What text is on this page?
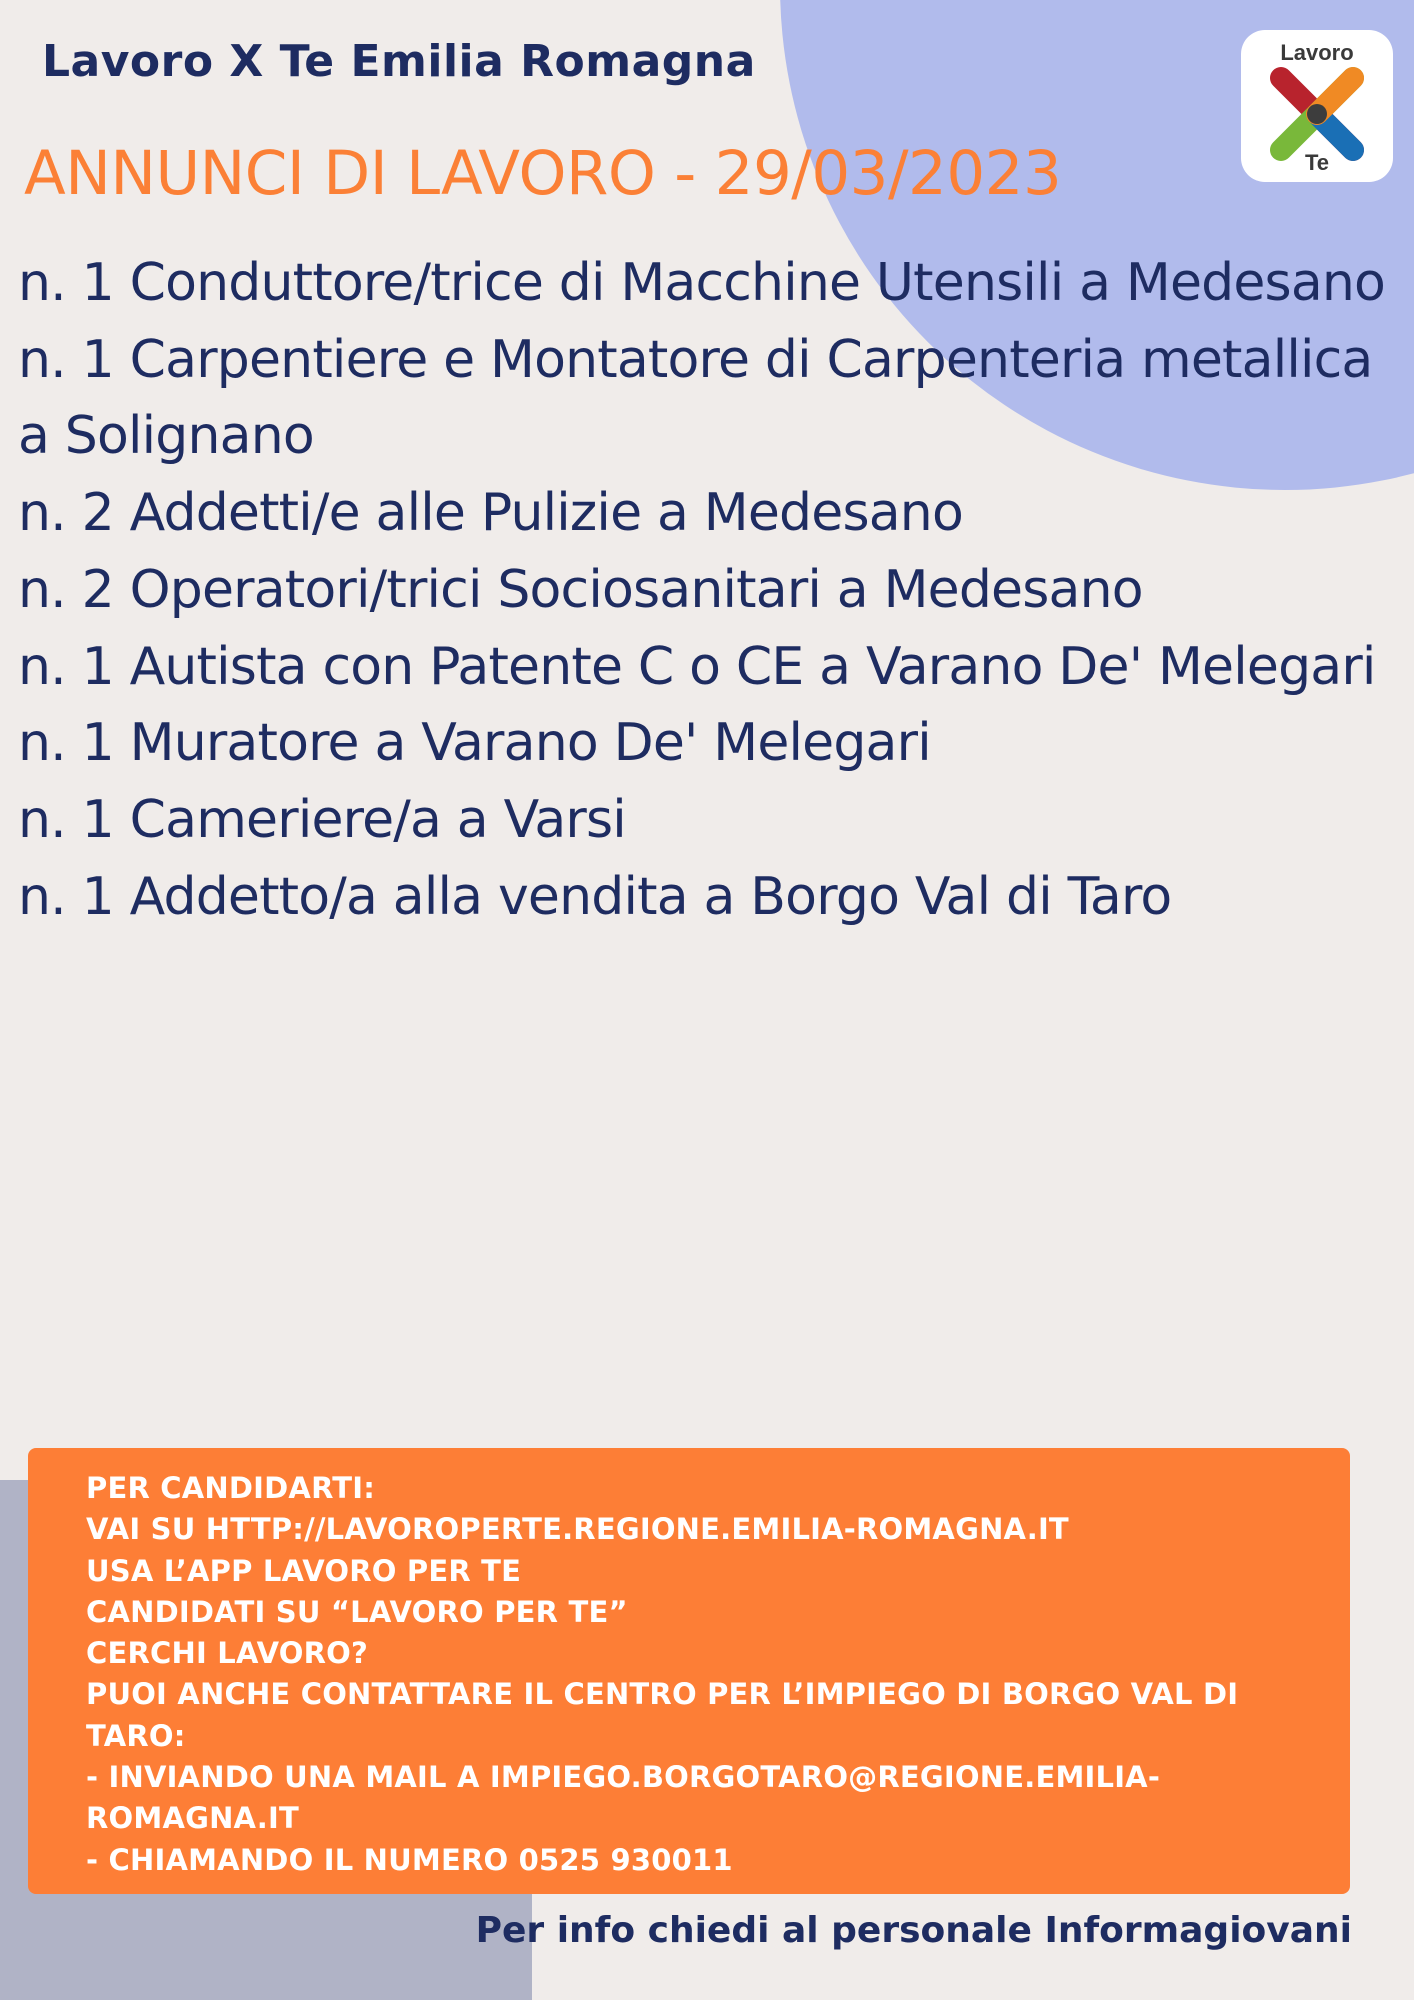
Lavoro X Te Emilia Romagna	Lavoro
Te
ANNUNCI DI LAVORO - 29/03/2023
n. 1 Conduttore/trice di Macchine Utensili a Medesano
n. 1 Carpentiere e Montatore di Carpenteria metallica a Solignano
n. 2 Addetti/e alle Pulizie a Medesano
n. 2 Operatori/trici Sociosanitari a Medesano
n. 1 Autista con Patente C o CE a Varano De' Melegari
n. 1 Muratore a Varano De' Melegari
n. 1 Cameriere/a a Varsi
n. 1 Addetto/a alla vendita a Borgo Val di Taro

PER CANDIDARTI:

VAI SU HTTP://LAVOROPERTE.REGIONE.EMILIA-ROMAGNA.IT

USA L’APP LAVORO PER TE

CANDIDATI SU “LAVORO PER TE”

CERCHI LAVORO?

PUOI ANCHE CONTATTARE IL CENTRO PER L’IMPIEGO DI BORGO VAL DI TARO:

- INVIANDO UNA MAIL A IMPIEGO.BORGOTARO@REGIONE.EMILIA-ROMAGNA.IT

- CHIAMANDO IL NUMERO 0525 930011

Per info chiedi al personale Informagiovani
